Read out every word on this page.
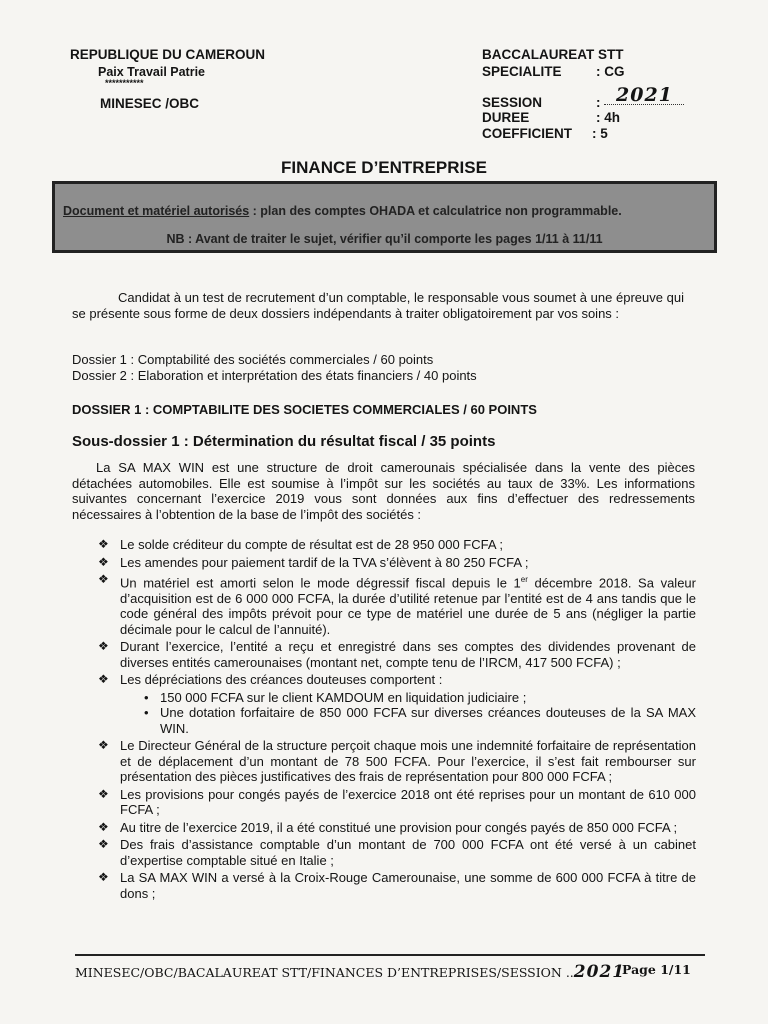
REPUBLIQUE DU CAMEROUN
Paix Travail Patrie
***********
MINESEC /OBC
BACCALAUREAT STT
SPECIALITE	: CG
SESSION	: 2021
DUREE	: 4h
COEFFICIENT : 5
FINANCE D’ENTREPRISE
Document et matériel autorisés : plan des comptes OHADA et calculatrice non programmable.
NB : Avant de traiter le sujet, vérifier qu’il comporte les pages 1/11 à 11/11
Candidat à un test de recrutement d’un comptable, le responsable vous soumet à une épreuve qui se présente sous forme de deux dossiers indépendants à traiter obligatoirement par vos soins :
Dossier 1 : Comptabilité des sociétés commerciales / 60 points
Dossier 2 : Elaboration et interprétation des états financiers / 40 points
DOSSIER 1 : COMPTABILITE DES SOCIETES COMMERCIALES / 60 POINTS
Sous-dossier 1 : Détermination du résultat fiscal / 35 points
La SA MAX WIN est une structure de droit camerounais spécialisée dans la vente des pièces détachées automobiles. Elle est soumise à l’impôt sur les sociétés au taux de 33%. Les informations suivantes concernant l’exercice 2019 vous sont données aux fins d’effectuer des redressements nécessaires à l’obtention de la base de l’impôt des sociétés :
❖ Le solde créditeur du compte de résultat est de 28 950 000 FCFA ;
❖ Les amendes pour paiement tardif de la TVA s’élèvent à 80 250 FCFA ;
❖ Un matériel est amorti selon le mode dégressif fiscal depuis le 1er décembre 2018. Sa valeur d’acquisition est de 6 000 000 FCFA, la durée d’utilité retenue par l’entité est de 4 ans tandis que le code général des impôts prévoit pour ce type de matériel une durée de 5 ans (négliger la partie décimale pour le calcul de l’annuité).
❖ Durant l’exercice, l’entité a reçu et enregistré dans ses comptes des dividendes provenant de diverses entités camerounaises (montant net, compte tenu de l’IRCM, 417 500 FCFA) ;
❖ Les dépréciations des créances douteuses comportent :
• 150 000 FCFA sur le client KAMDOUM en liquidation judiciaire ;
• Une dotation forfaitaire de 850 000 FCFA sur diverses créances douteuses de la SA MAX WIN.
❖ Le Directeur Général de la structure perçoit chaque mois une indemnité forfaitaire de représentation et de déplacement d’un montant de 78 500 FCFA. Pour l’exercice, il s’est fait rembourser sur présentation des pièces justificatives des frais de représentation pour 800 000 FCFA ;
❖ Les provisions pour congés payés de l’exercice 2018 ont été reprises pour un montant de 610 000 FCFA ;
❖ Au titre de l’exercice 2019, il a été constitué une provision pour congés payés de 850 000 FCFA ;
❖ Des frais d’assistance comptable d’un montant de 700 000 FCFA ont été versé à un cabinet d’expertise comptable situé en Italie ;
❖ La SA MAX WIN a versé à la Croix-Rouge Camerounaise, une somme de 600 000 FCFA à titre de dons ;
MINESEC/OBC/BACALAUREAT STT/FINANCES D’ENTREPRISES/SESSION ..2021
Page 1/11
